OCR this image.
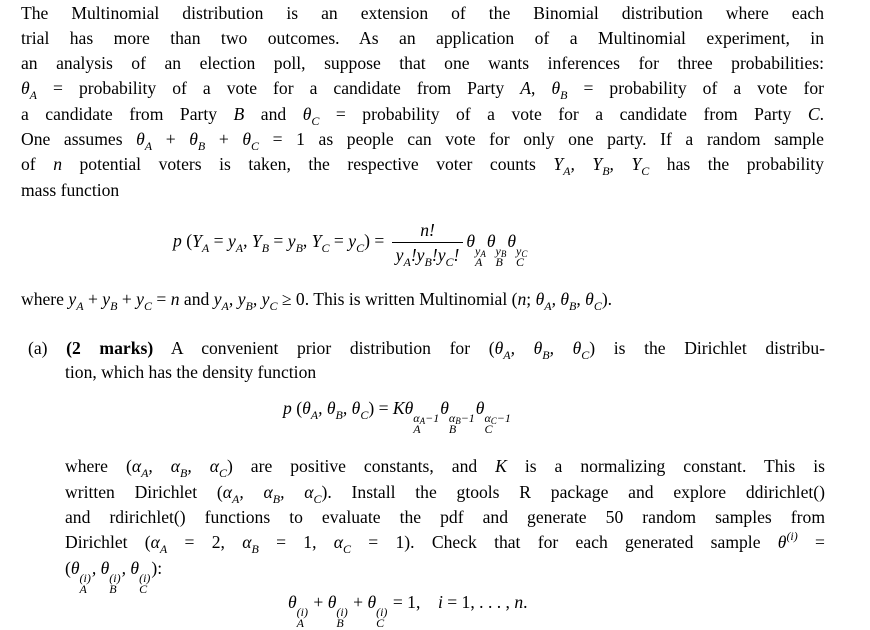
The Multinomial distribution is an extension of the Binomial distribution where each
trial has more than two outcomes. As an application of a Multinomial experiment, in
an analysis of an election poll, suppose that one wants inferences for three probabilities:
$\theta_A$ = probability of a vote for a candidate from Party A, $\theta_B$ = probability of a vote for
a candidate from Party B and $\theta_C$ = probability of a vote for a candidate from Party C.
One assumes $\theta_A + \theta_B + \theta_C = 1$ as people can vote for only one party. If a random sample
of n potential voters is taken, the respective voter counts $Y_A$, $Y_B$, $Y_C$ has the probability
mass function
p ($Y_A = y_A$, $Y_B = y_B$, $Y_C = y_C) = \frac{n!}{y_A!y_B!y_C!}$ θ $y_A$
A
θ $y_B$
B
θ $y_C$
C
where $y_A + y_B + y_C = n$ and $y_A$, $y_B$, $y_C \ge 0$. This is written Multinomial (n; $\theta_A$, $\theta_B$, $\theta_C$).
(a) (2 marks) A convenient prior distribution for ($\theta_A$, $\theta_B$, $\theta_C$) is the Dirichlet distribu-
tion, which has the density function
p ($\theta_A$, $\theta_B$, $\theta_C) = K\theta$ $\alpha_A-1$
A
θ $\alpha_B-1$
B
θ $\alpha_C-1$
C
where ($\alpha_A$, $\alpha_B$, $\alpha_C$) are positive constants, and K is a normalizing constant. This is
written Dirichlet ($\alpha_A$, $\alpha_B$, $\alpha_C$). Install the gtools R package and explore ddirichlet()
and rdirichlet() functions to evaluate the pdf and generate 50 random samples from
Dirichlet ($\alpha_A = 2$, $\alpha_B = 1$, $\alpha_C = 1$). Check that for each generated sample $\theta^{(i)}$ =
(θ (i)
A
, θ (i)
B
, θ (i)
C
):
θ (i)
A
+ θ (i)
B
+ θ (i)
C
= 1,    i = 1, . . . , n.
